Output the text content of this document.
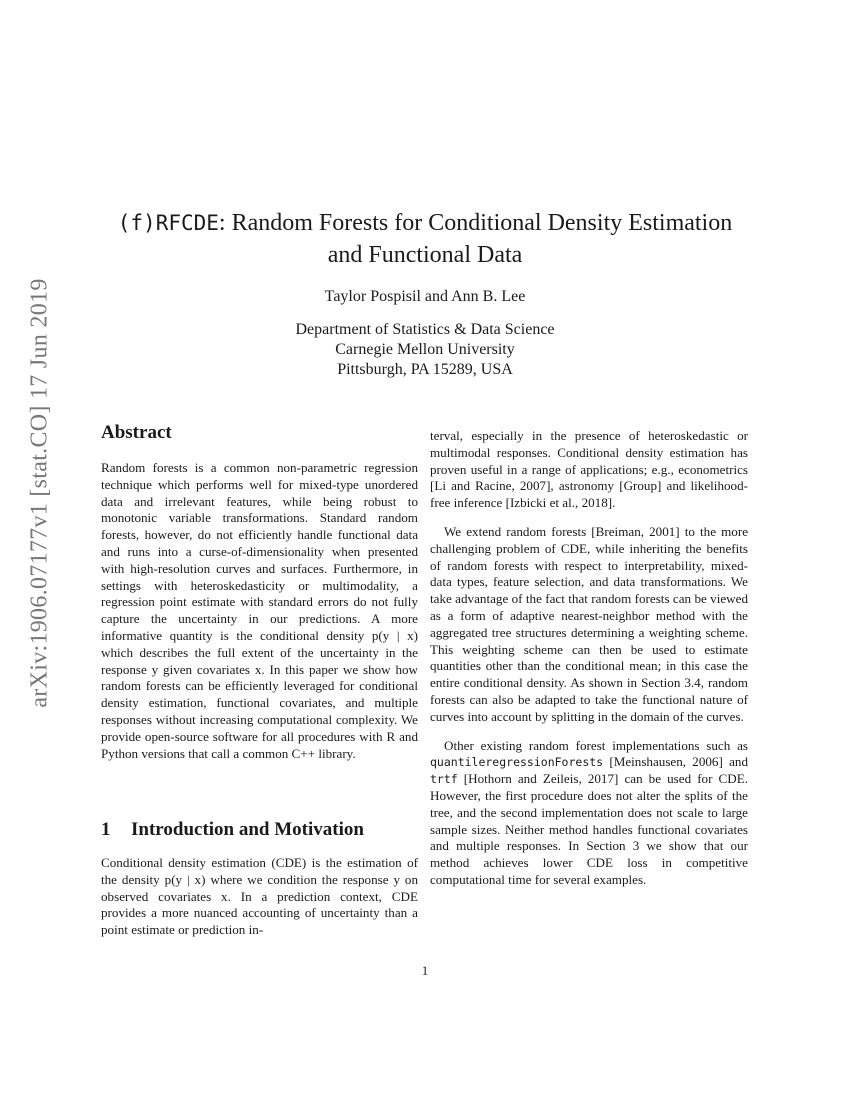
arXiv:1906.07177v1 [stat.CO] 17 Jun 2019
(f)RFCDE: Random Forests for Conditional Density Estimation
and Functional Data
Taylor Pospisil and Ann B. Lee
Department of Statistics & Data Science
Carnegie Mellon University
Pittsburgh, PA 15289, USA
Abstract

Random forests is a common non-parametric regression technique which performs well for mixed-type unordered data and irrelevant features, while being robust to monotonic variable transformations. Standard random forests, however, do not efficiently handle functional data and runs into a curse-of-dimensionality when presented with high-resolution curves and surfaces. Furthermore, in settings with heteroskedasticity or multimodality, a regression point estimate with standard errors do not fully capture the uncertainty in our predictions. A more informative quantity is the conditional density p(y | x) which describes the full extent of the uncertainty in the response y given covariates x. In this paper we show how random forests can be efficiently leveraged for conditional density estimation, functional covariates, and multiple responses without increasing computational complexity. We provide open-source software for all procedures with R and Python versions that call a common C++ library.

1 Introduction and Motivation

Conditional density estimation (CDE) is the estimation of the density p(y | x) where we condition the response y on observed covariates x. In a prediction context, CDE provides a more nuanced accounting of uncertainty than a point estimate or prediction in-

terval, especially in the presence of heteroskedastic or multimodal responses. Conditional density estimation has proven useful in a range of applications; e.g., econometrics [Li and Racine, 2007], astronomy [Group] and likelihood-free inference [Izbicki et al., 2018].

We extend random forests [Breiman, 2001] to the more challenging problem of CDE, while inheriting the benefits of random forests with respect to interpretability, mixed-data types, feature selection, and data transformations. We take advantage of the fact that random forests can be viewed as a form of adaptive nearest-neighbor method with the aggregated tree structures determining a weighting scheme. This weighting scheme can then be used to estimate quantities other than the conditional mean; in this case the entire conditional density. As shown in Section 3.4, random forests can also be adapted to take the functional nature of curves into account by splitting in the domain of the curves.

Other existing random forest implementations such as quantileregressionForests [Meinshausen, 2006] and trtf [Hothorn and Zeileis, 2017] can be used for CDE. However, the first procedure does not alter the splits of the tree, and the second implementation does not scale to large sample sizes. Neither method handles functional covariates and multiple responses. In Section 3 we show that our method achieves lower CDE loss in competitive computational time for several examples.

1
